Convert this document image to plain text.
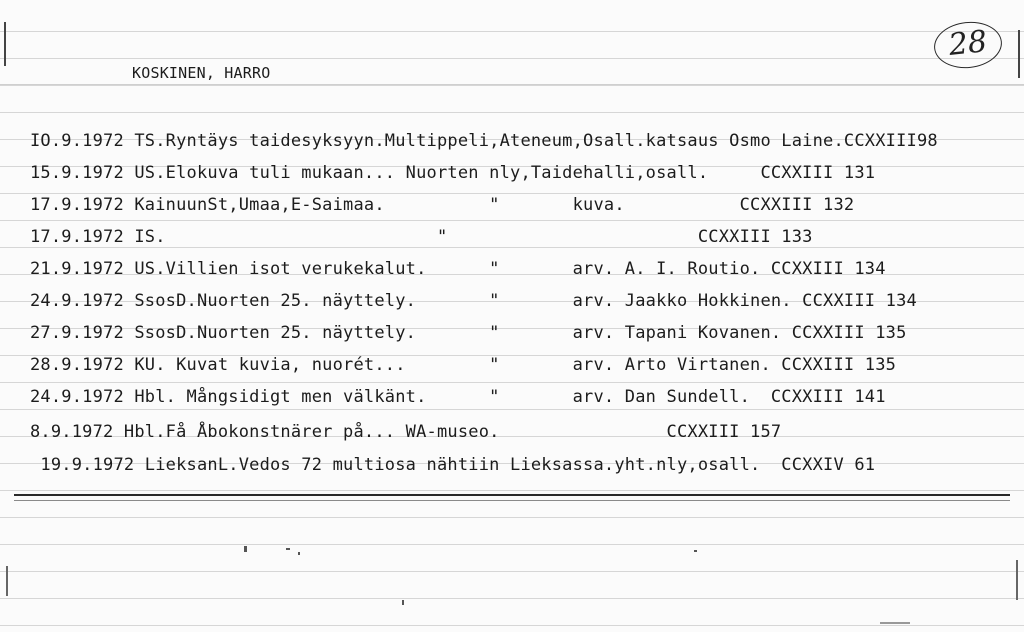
28
KOSKINEN, HARRO
ΙO.9.1972 TS.Ryntäys taidesyksyyn.Multippeli,Ateneum,Osall.katsaus Osmo Laine.CCXXIII98
15.9.1972 US.Elokuva tuli mukaan... Nuorten nly,Taidehalli,osall.     CCXXIII 131
17.9.1972 KainuunSt,Umaa,E-Saimaa.          "       kuva.           CCXXIII 132
17.9.1972 IS.                          "                        CCXXIII 133
21.9.1972 US.Villien isot verukekalut.      "       arv. A. I. Routio. CCXXIII 134
24.9.1972 SsosD.Nuorten 25. näyttely.       "       arv. Jaakko Hokkinen. CCXXIII 134
27.9.1972 SsosD.Nuorten 25. näyttely.       "       arv. Tapani Kovanen. CCXXIII 135
28.9.1972 KU. Kuvat kuvia, nuorét...        "       arv. Arto Virtanen. CCXXIII 135
24.9.1972 Hbl. Mångsidigt men välkänt.      "       arv. Dan Sundell.  CCXXIII 141
8.9.1972 Hbl.Få Åbokonstnärer på... WA-museo.                CCXXIII 157
19.9.1972 LieksanL.Vedos 72 multiosa nähtiin Lieksassa.yht.nly,osall.  CCXXIV 61
